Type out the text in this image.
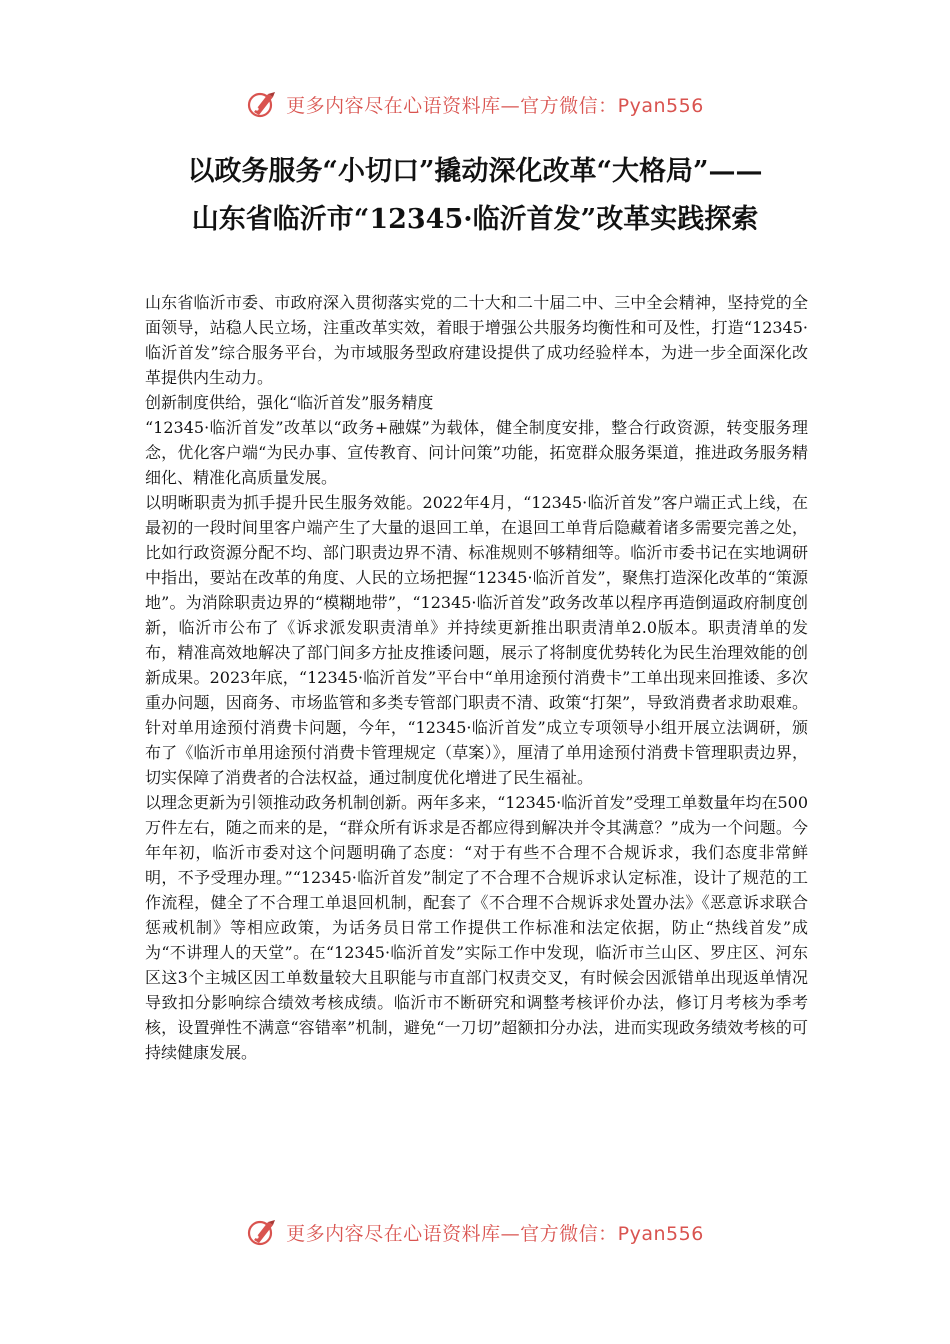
更多内容尽在心语资料库—官方微信：Pyan556
以政务服务“小切口”撬动深化改革“大格局”——
山东省临沂市“12345·临沂首发”改革实践探索

山东省临沂市委、市政府深入贯彻落实党的二十大和二十届二中、三中全会精神，坚持党的全面领导，站稳人民立场，注重改革实效，着眼于增强公共服务均衡性和可及性，打造“12345·临沂首发”综合服务平台，为市域服务型政府建设提供了成功经验样本，为进一步全面深化改革提供内生动力。

创新制度供给，强化“临沂首发”服务精度

“12345·临沂首发”改革以“政务+融媒”为载体，健全制度安排，整合行政资源，转变服务理念，优化客户端“为民办事、宣传教育、问计问策”功能，拓宽群众服务渠道，推进政务服务精细化、精准化高质量发展。

以明晰职责为抓手提升民生服务效能。2022年4月，“12345·临沂首发”客户端正式上线，在最初的一段时间里客户端产生了大量的退回工单，在退回工单背后隐藏着诸多需要完善之处，比如行政资源分配不均、部门职责边界不清、标准规则不够精细等。临沂市委书记在实地调研中指出，要站在改革的角度、人民的立场把握“12345·临沂首发”，聚焦打造深化改革的“策源地”。为消除职责边界的“模糊地带”，“12345·临沂首发”政务改革以程序再造倒逼政府制度创新，临沂市公布了《诉求派发职责清单》并持续更新推出职责清单2.0版本。职责清单的发布，精准高效地解决了部门间多方扯皮推诿问题，展示了将制度优势转化为民生治理效能的创新成果。2023年底，“12345·临沂首发”平台中“单用途预付消费卡”工单出现来回推诿、多次重办问题，因商务、市场监管和多类专管部门职责不清、政策“打架”，导致消费者求助艰难。针对单用途预付消费卡问题，今年，“12345·临沂首发”成立专项领导小组开展立法调研，颁布了《临沂市单用途预付消费卡管理规定（草案）》，厘清了单用途预付消费卡管理职责边界，切实保障了消费者的合法权益，通过制度优化增进了民生福祉。

以理念更新为引领推动政务机制创新。两年多来，“12345·临沂首发”受理工单数量年均在500万件左右，随之而来的是，“群众所有诉求是否都应得到解决并令其满意？”成为一个问题。今年年初，临沂市委对这个问题明确了态度：“对于有些不合理不合规诉求，我们态度非常鲜明，不予受理办理。”“12345·临沂首发”制定了不合理不合规诉求认定标准，设计了规范的工作流程，健全了不合理工单退回机制，配套了《不合理不合规诉求处置办法》《恶意诉求联合惩戒机制》等相应政策，为话务员日常工作提供工作标准和法定依据，防止“热线首发”成为“不讲理人的天堂”。在“12345·临沂首发”实际工作中发现，临沂市兰山区、罗庄区、河东区这3个主城区因工单数量较大且职能与市直部门权责交叉，有时候会因派错单出现返单情况导致扣分影响综合绩效考核成绩。临沂市不断研究和调整考核评价办法，修订月考核为季考核，设置弹性不满意“容错率”机制，避免“一刀切”超额扣分办法，进而实现政务绩效考核的可持续健康发展。

更多内容尽在心语资料库—官方微信：Pyan556
